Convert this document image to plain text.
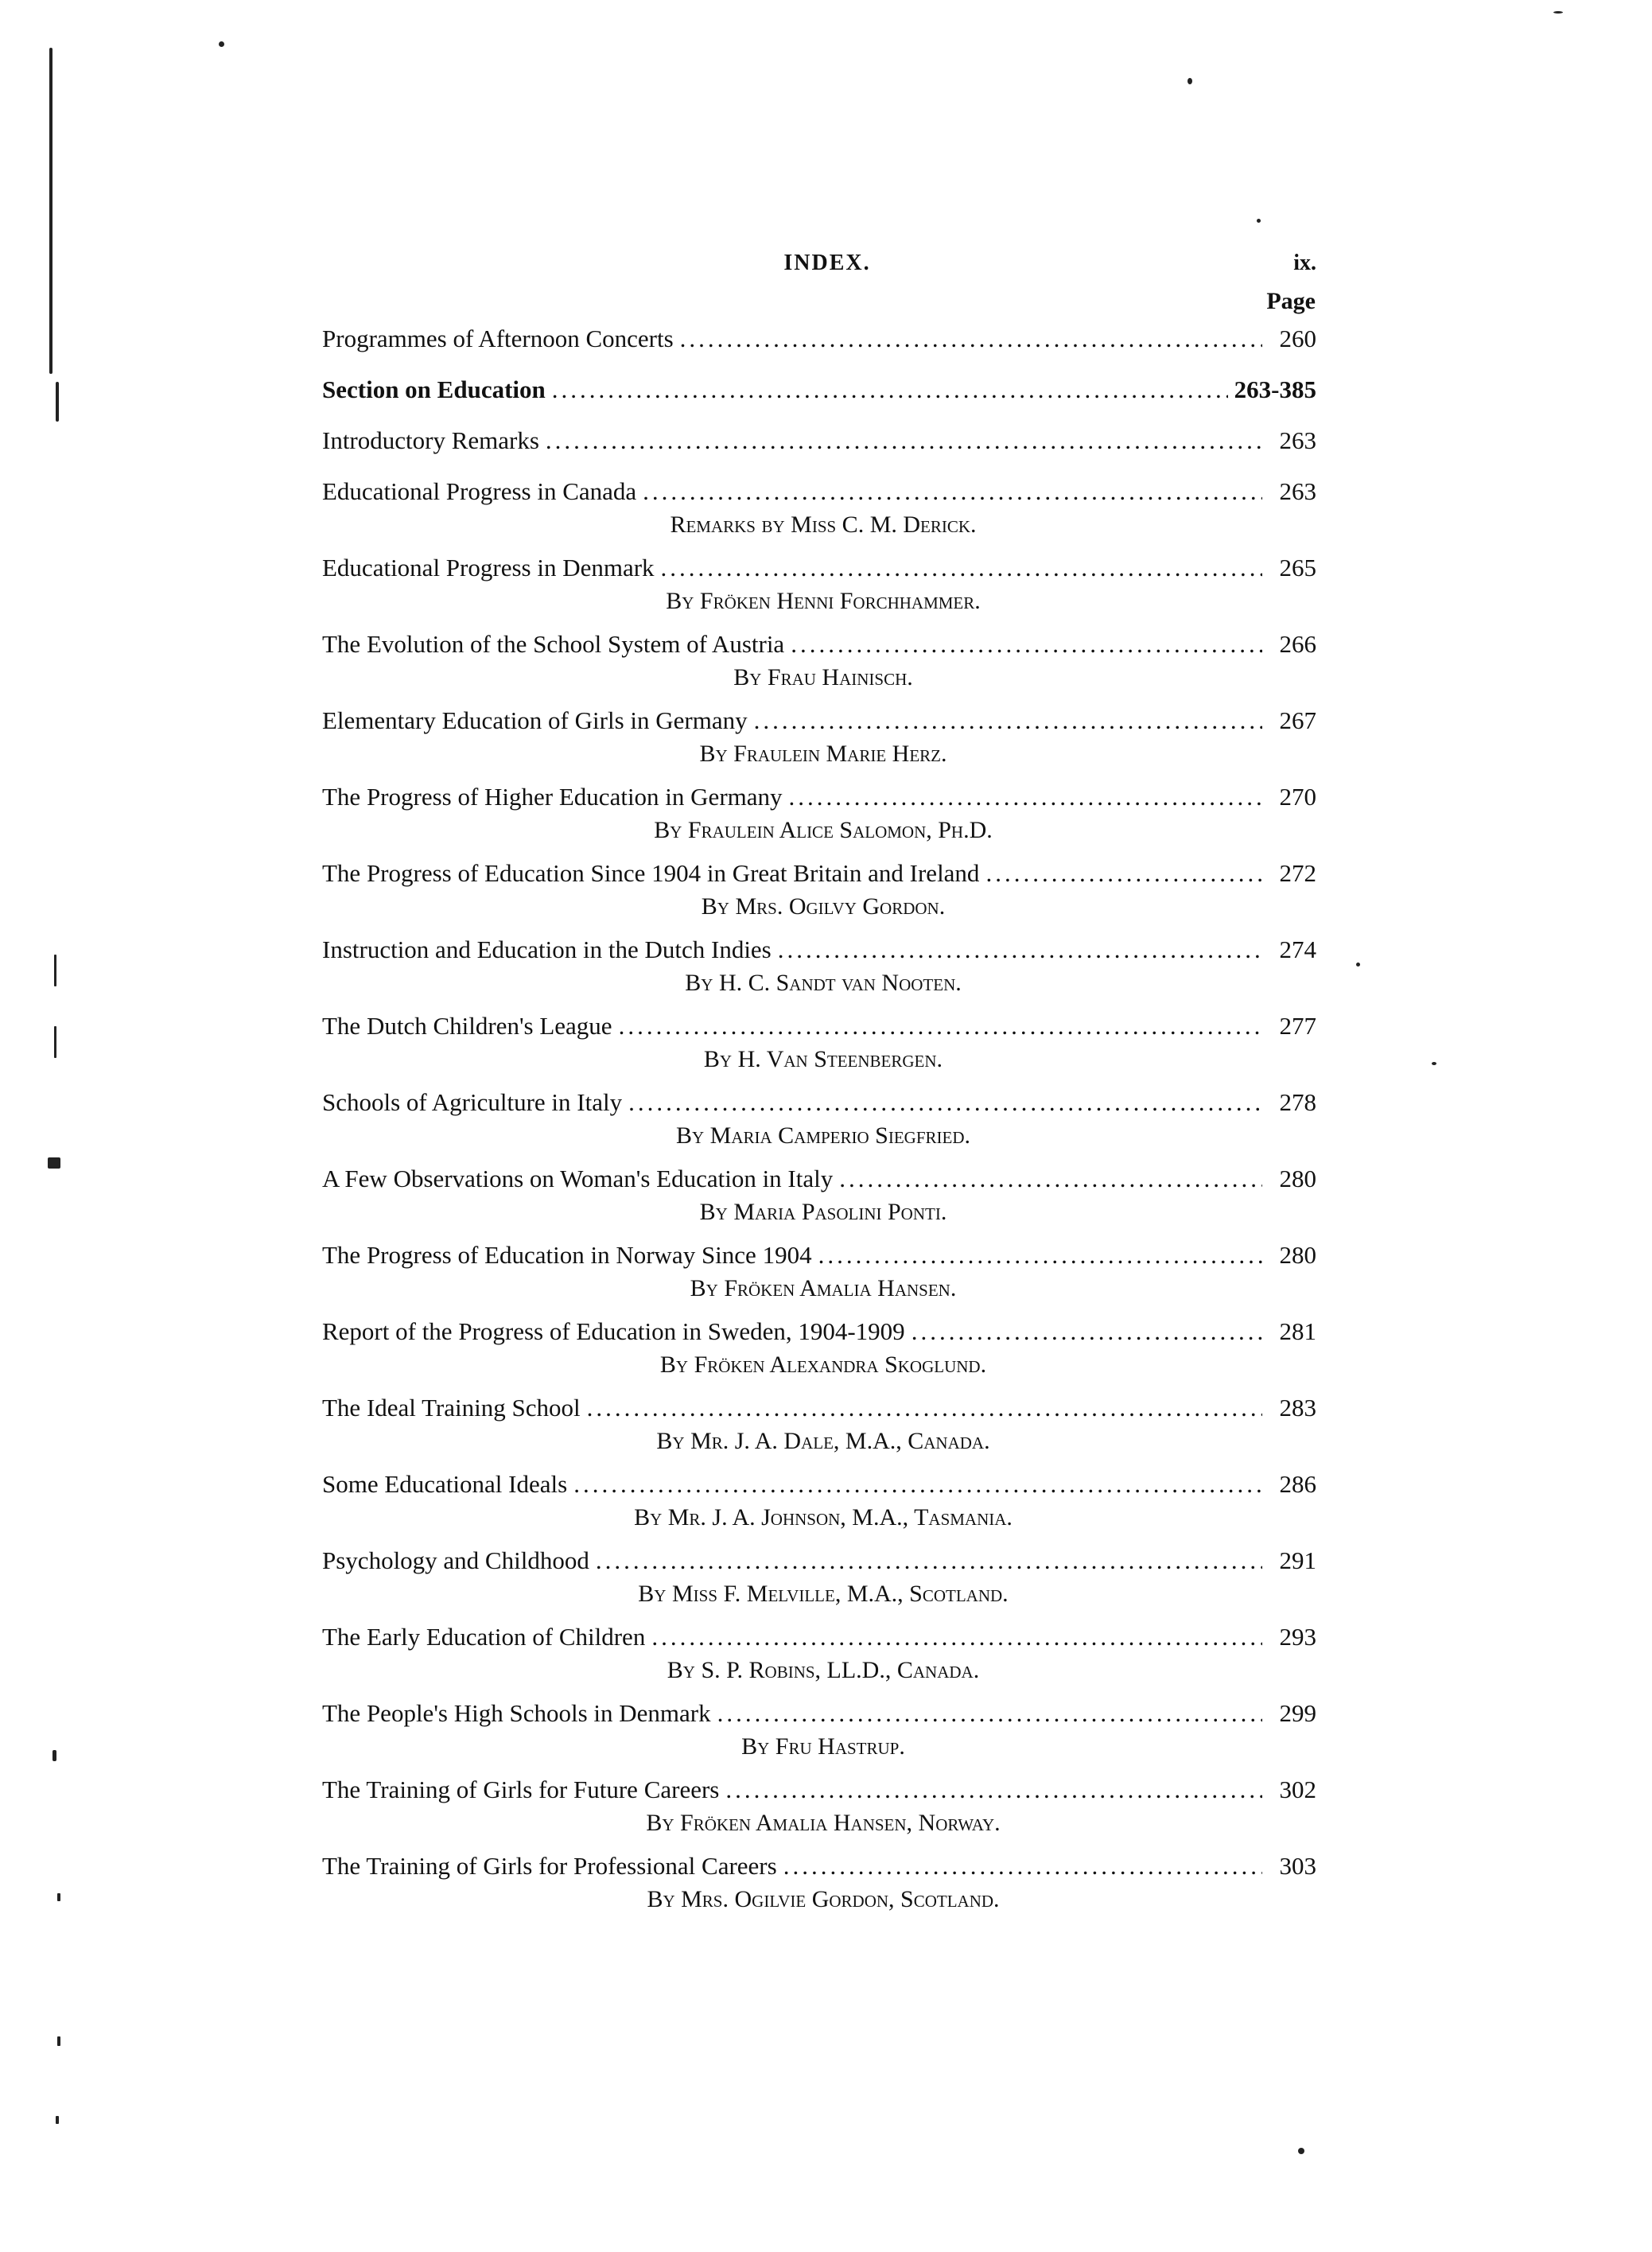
INDEX.	ix.
Page
Programmes of Afternoon Concerts .....	260
Section on Education .....	263-385
Introductory Remarks .....	263
Educational Progress in Canada .....	263
Remarks by Miss C. M. Derick.
Educational Progress in Denmark .....	265
By Fröken Henni Forchhammer.
The Evolution of the School System of Austria .....	266
By Frau Hainisch.
Elementary Education of Girls in Germany .....	267
By Fraulein Marie Herz.
The Progress of Higher Education in Germany .....	270
By Fraulein Alice Salomon, Ph.D.
The Progress of Education Since 1904 in Great Britain and Ireland .....	272
By Mrs. Ogilvy Gordon.
Instruction and Education in the Dutch Indies .....	274
By H. C. Sandt van Nooten.
The Dutch Children's League .....	277
By H. Van Steenbergen.
Schools of Agriculture in Italy .....	278
By Maria Camperio Siegfried.
A Few Observations on Woman's Education in Italy .....	280
By Maria Pasolini Ponti.
The Progress of Education in Norway Since 1904 .....	280
By Fröken Amalia Hansen.
Report of the Progress of Education in Sweden, 1904-1909 .....	281
By Fröken Alexandra Skoglund.
The Ideal Training School .....	283
By Mr. J. A. Dale, M.A., Canada.
Some Educational Ideals .....	286
By Mr. J. A. Johnson, M.A., Tasmania.
Psychology and Childhood .....	291
By Miss F. Melville, M.A., Scotland.
The Early Education of Children .....	293
By S. P. Robins, LL.D., Canada.
The People's High Schools in Denmark .....	299
By Fru Hastrup.
The Training of Girls for Future Careers .....	302
By Fröken Amalia Hansen, Norway.
The Training of Girls for Professional Careers .....	303
By Mrs. Ogilvie Gordon, Scotland.
